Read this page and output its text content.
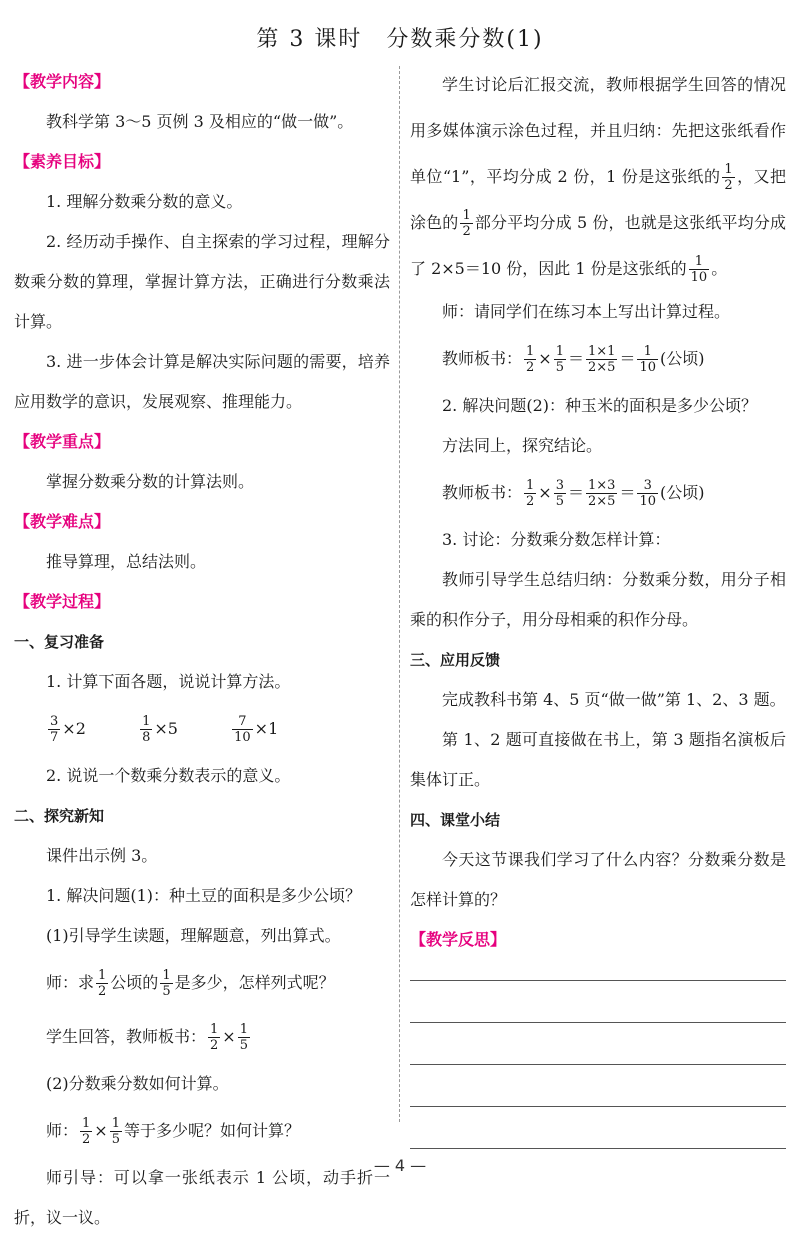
第 3 课时　分数乘分数(1)

【教学内容】

教科学第 3～5 页例 3 及相应的“做一做”。

【素养目标】

1. 理解分数乘分数的意义。

2. 经历动手操作、自主探索的学习过程，理解分数乘分数的算理，掌握计算方法，正确进行分数乘法计算。

3. 进一步体会计算是解决实际问题的需要，培养应用数学的意识，发展观察、推理能力。

【教学重点】

掌握分数乘分数的计算法则。

【教学难点】

推导算理，总结法则。

【教学过程】

一、复习准备

1. 计算下面各题，说说计算方法。

$\frac{3}{7} \times 2$	$\frac{1}{8} \times 5$	$\frac{7}{10} \times 1$

2. 说说一个数乘分数表示的意义。

二、探究新知

课件出示例 3。

1. 解决问题(1)：种土豆的面积是多少公顷？

(1)引导学生读题，理解题意，列出算式。

师：求 $\frac{1}{2}$ 公顷的 $\frac{1}{5}$ 是多少，怎样列式呢？
学生回答，教师板书： $\frac{1}{2} \times \frac{1}{5}$

(2)分数乘分数如何计算。

师： $\frac{1}{2} \times \frac{1}{5}$ 等于多少呢？如何计算？

师引导：可以拿一张纸表示 1 公顷，动手折一折，议一议。

学生讨论后汇报交流，教师根据学生回答的情况用多媒体演示涂色过程，并且归纳：先把这张纸看作单位“1”，平均分成 2 份，1 份是这张纸的 $\frac{1}{2}$ ，又把涂色的 $\frac{1}{2}$ 部分平均分成 5 份，也就是这张纸平均分成了 2×5＝10 份，因此 1 份是这张纸的 $\frac{1}{10}$ 。

师：请同学们在练习本上写出计算过程。

教师板书： $\frac{1}{2} \times \frac{1}{5} = \frac{1\times 1}{2\times 5} = \frac{1}{10}$ (公顷)

2. 解决问题(2)：种玉米的面积是多少公顷？

方法同上，探究结论。

教师板书： $\frac{1}{2} \times \frac{3}{5} = \frac{1\times 3}{2\times 5} = \frac{3}{10}$ (公顷)

3. 讨论：分数乘分数怎样计算：

教师引导学生总结归纳：分数乘分数，用分子相乘的积作分子，用分母相乘的积作分母。

三、应用反馈

完成教科书第 4、5 页“做一做”第 1、2、3 题。

第 1、2 题可直接做在书上，第 3 题指名演板后集体订正。

四、课堂小结

今天这节课我们学习了什么内容？分数乘分数是怎样计算的？

【教学反思】

— 4 —
